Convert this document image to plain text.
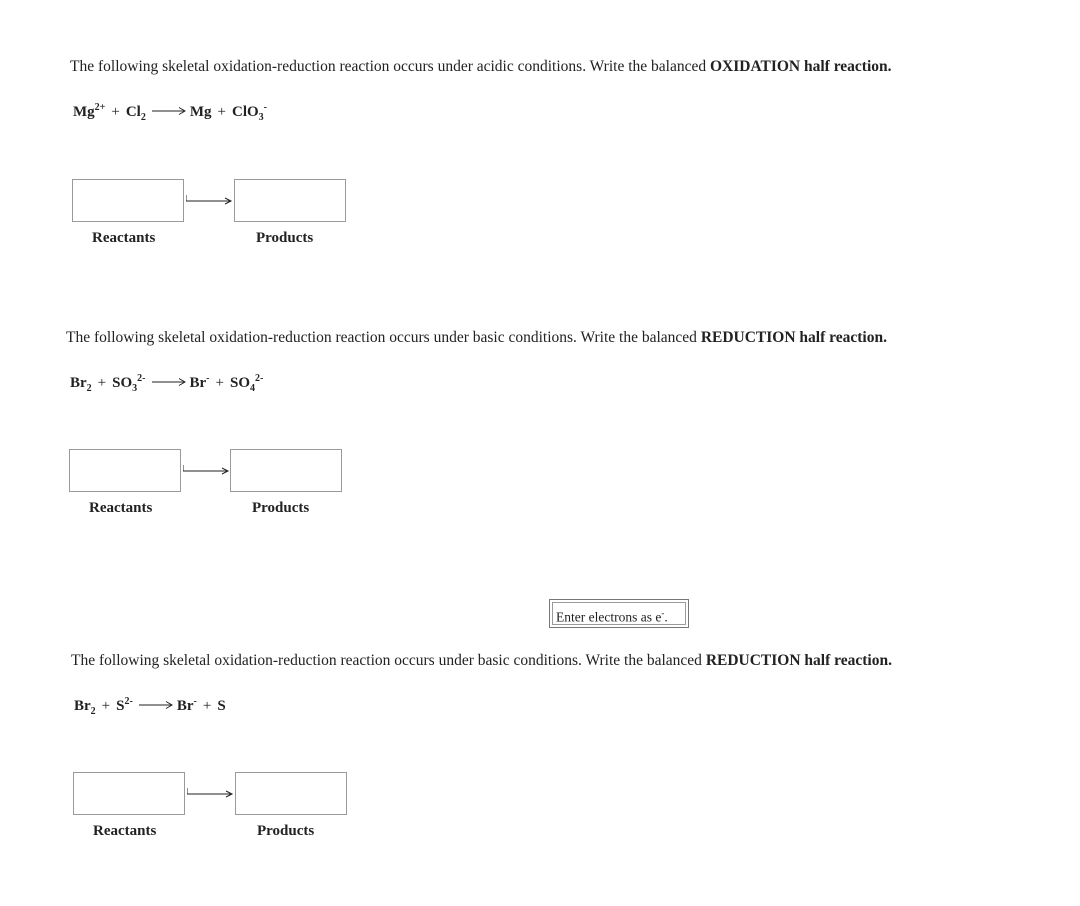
The following skeletal oxidation-reduction reaction occurs under acidic conditions. Write the balanced OXIDATION half reaction.
$Mg^{2+} + Cl_2 \to Mg + ClO_3^-$
Reactants	Products
The following skeletal oxidation-reduction reaction occurs under basic conditions. Write the balanced REDUCTION half reaction.
$Br_2 + SO_3^{2-} \to Br^- + SO_4^{2-}$
Reactants	Products
Enter electrons as e-.
The following skeletal oxidation-reduction reaction occurs under basic conditions. Write the balanced REDUCTION half reaction.
$Br_2 + S^{2-} \to Br^- + S$
Reactants	Products
